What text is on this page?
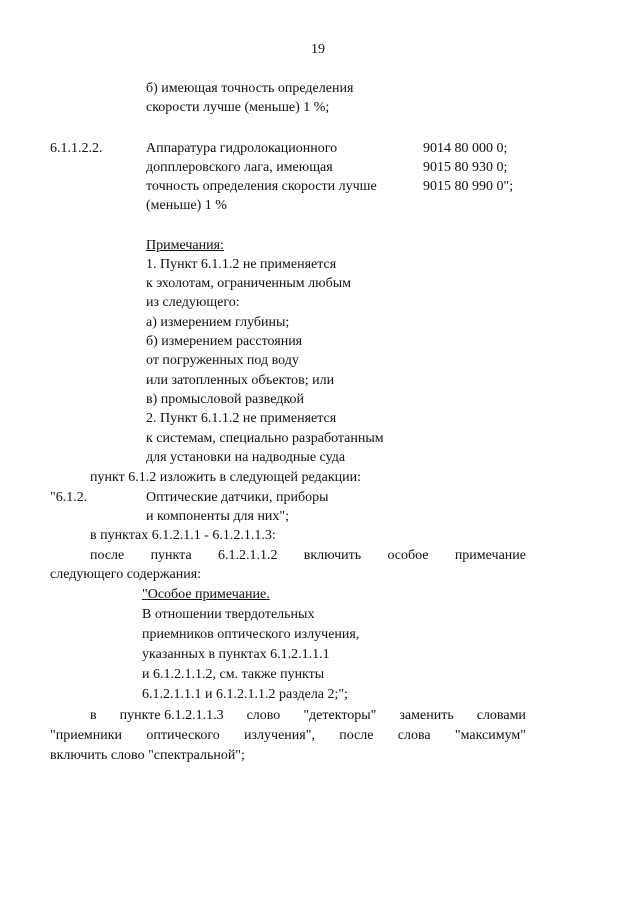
19
б) имеющая точность определения
скорости лучше (меньше) 1 %;
6.1.1.2.2.	Аппаратура гидролокационного
допплеровского лага, имеющая
точность определения скорости лучше
(меньше) 1 %
9014 80 000 0;
9015 80 930 0;
9015 80 990 0";
Примечания:
1. Пункт 6.1.1.2 не применяется
к эхолотам, ограниченным любым
из следующего:
а) измерением глубины;
б) измерением расстояния
от погруженных под воду
или затопленных объектов; или
в) промысловой разведкой
2. Пункт 6.1.1.2 не применяется
к системам, специально разработанным
для установки на надводные суда
пункт 6.1.2 изложить в следующей редакции:
"6.1.2.	Оптические датчики, приборы
и компоненты для них";
в пунктах 6.1.2.1.1 - 6.1.2.1.1.3:
после пункта 6.1.2.1.1.2 включить особое примечание
следующего содержания:
"Особое примечание.
В отношении твердотельных
приемников оптического излучения,
указанных в пунктах 6.1.2.1.1.1
и 6.1.2.1.1.2, см. также пункты
6.1.2.1.1.1 и 6.1.2.1.1.2 раздела 2;";
в пункте 6.1.2.1.1.3 слово "детекторы" заменить словами
"приемники оптического излучения", после слова "максимум"
включить слово "спектральной";
